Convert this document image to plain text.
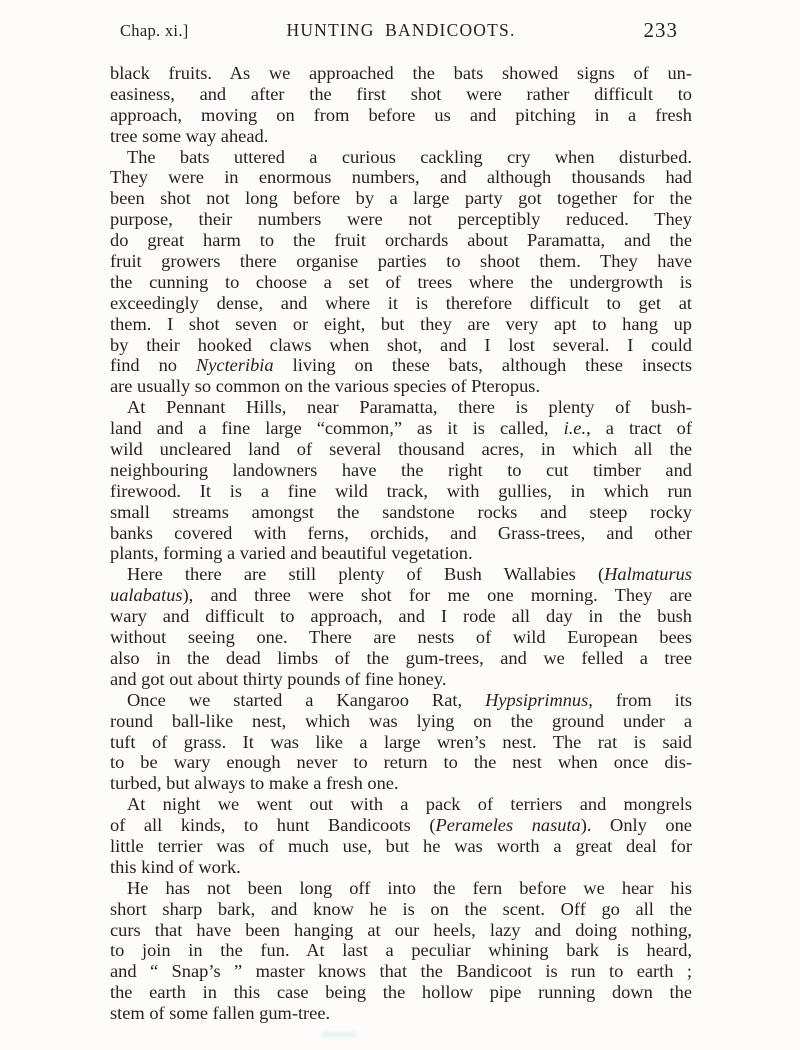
Chap. xi.]	HUNTING BANDICOOTS.	233
black fruits. As we approached the bats showed signs of un-
easiness, and after the first shot were rather difficult to
approach, moving on from before us and pitching in a fresh
tree some way ahead.
The bats uttered a curious cackling cry when disturbed.
They were in enormous numbers, and although thousands had
been shot not long before by a large party got together for the
purpose, their numbers were not perceptibly reduced. They
do great harm to the fruit orchards about Paramatta, and the
fruit growers there organise parties to shoot them. They have
the cunning to choose a set of trees where the undergrowth is
exceedingly dense, and where it is therefore difficult to get at
them. I shot seven or eight, but they are very apt to hang up
by their hooked claws when shot, and I lost several. I could
find no Nycteribia living on these bats, although these insects
are usually so common on the various species of Pteropus.
At Pennant Hills, near Paramatta, there is plenty of bush-
land and a fine large “common,” as it is called, i.e., a tract of
wild uncleared land of several thousand acres, in which all the
neighbouring landowners have the right to cut timber and
firewood. It is a fine wild track, with gullies, in which run
small streams amongst the sandstone rocks and steep rocky
banks covered with ferns, orchids, and Grass-trees, and other
plants, forming a varied and beautiful vegetation.
Here there are still plenty of Bush Wallabies (Halmaturus
ualabatus), and three were shot for me one morning. They are
wary and difficult to approach, and I rode all day in the bush
without seeing one. There are nests of wild European bees
also in the dead limbs of the gum-trees, and we felled a tree
and got out about thirty pounds of fine honey.
Once we started a Kangaroo Rat, Hypsiprimnus, from its
round ball-like nest, which was lying on the ground under a
tuft of grass. It was like a large wren’s nest. The rat is said
to be wary enough never to return to the nest when once dis-
turbed, but always to make a fresh one.
At night we went out with a pack of terriers and mongrels
of all kinds, to hunt Bandicoots (Perameles nasuta). Only one
little terrier was of much use, but he was worth a great deal for
this kind of work.
He has not been long off into the fern before we hear his
short sharp bark, and know he is on the scent. Off go all the
curs that have been hanging at our heels, lazy and doing nothing,
to join in the fun. At last a peculiar whining bark is heard,
and “ Snap’s ” master knows that the Bandicoot is run to earth ;
the earth in this case being the hollow pipe running down the
stem of some fallen gum-tree.
